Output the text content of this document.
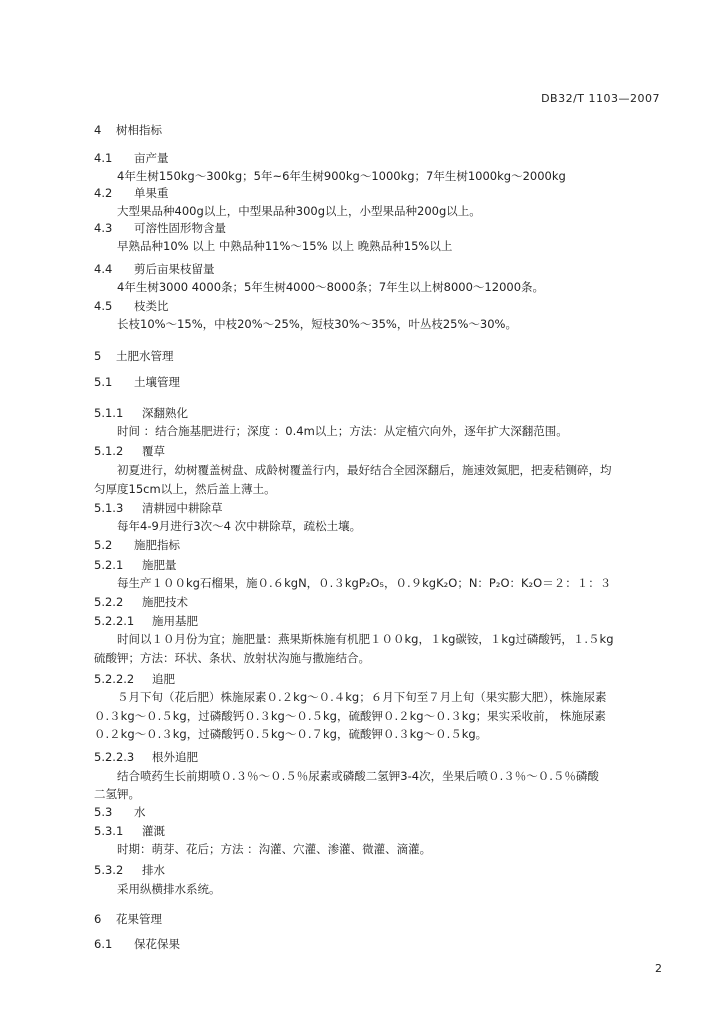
DB32/T 1103—2007
4 树相指标
4.1 亩产量
4年生树150kg～300kg；5年~6年生树900kg～1000kg；7年生树1000kg～2000kg
4.2 单果重
大型果品种400g以上，中型果品种300g以上，小型果品种200g以上。
4.3 可溶性固形物含量
早熟品种10% 以上 中熟品种11%～15% 以上 晚熟品种15%以上
4.4 剪后亩果枝留量
4年生树3000 4000条；5年生树4000～8000条；7年生以上树8000～12000条。
4.5 枝类比
长枝10%～15%，中枝20%～25%，短枝30%～35%，叶丛枝25%～30%。
5 土肥水管理
5.1 土壤管理
5.1.1 深翻熟化
时间 ：结合施基肥进行；深度 ：0.4m以上；方法：从定植穴向外，逐年扩大深翻范围。
5.1.2 覆草
初夏进行，幼树覆盖树盘、成龄树覆盖行内，最好结合全园深翻后，施速效氮肥，把麦秸铡碎，均
匀厚度15cm以上，然后盖上薄土。
5.1.3 清耕园中耕除草
每年4-9月进行3次～4 次中耕除草，疏松土壤。
5.2 施肥指标
5.2.1 施肥量
每生产１００kg石榴果，施０.６kgN，０.３kgP₂O₅，０.９kgK₂O；N：P₂O：K₂O＝２：１：３
5.2.2 施肥技术
5.2.2.1 施用基肥
时间以１０月份为宜；施肥量：燕果斯株施有机肥１００kg，１kg碳铵，１kg过磷酸钙，１.５kg
硫酸钾；方法：环状、条状、放射状沟施与撒施结合。
5.2.2.2 追肥
５月下旬（花后肥）株施尿素０.２kg～０.４kg；６月下旬至７月上旬（果实膨大肥），株施尿素
０.３kg～０.５kg，过磷酸钙０.３kg～０.５kg，硫酸钾０.２kg～０.３kg；果实采收前， 株施尿素
０.２kg～０.３kg，过磷酸钙０.５kg～０.７kg，硫酸钾０.３kg～０.５kg。
5.2.2.3 根外追肥
结合喷药生长前期喷０.３％～０.５％尿素或磷酸二氢钾3-4次，坐果后喷０.３％～０.５％磷酸
二氢钾。
5.3 水
5.3.1 灌溉
时期：萌芽、花后；方法 ：沟灌、穴灌、渗灌、微灌、滴灌。
5.3.2 排水
采用纵横排水系统。
6 花果管理
6.1 保花保果
2
